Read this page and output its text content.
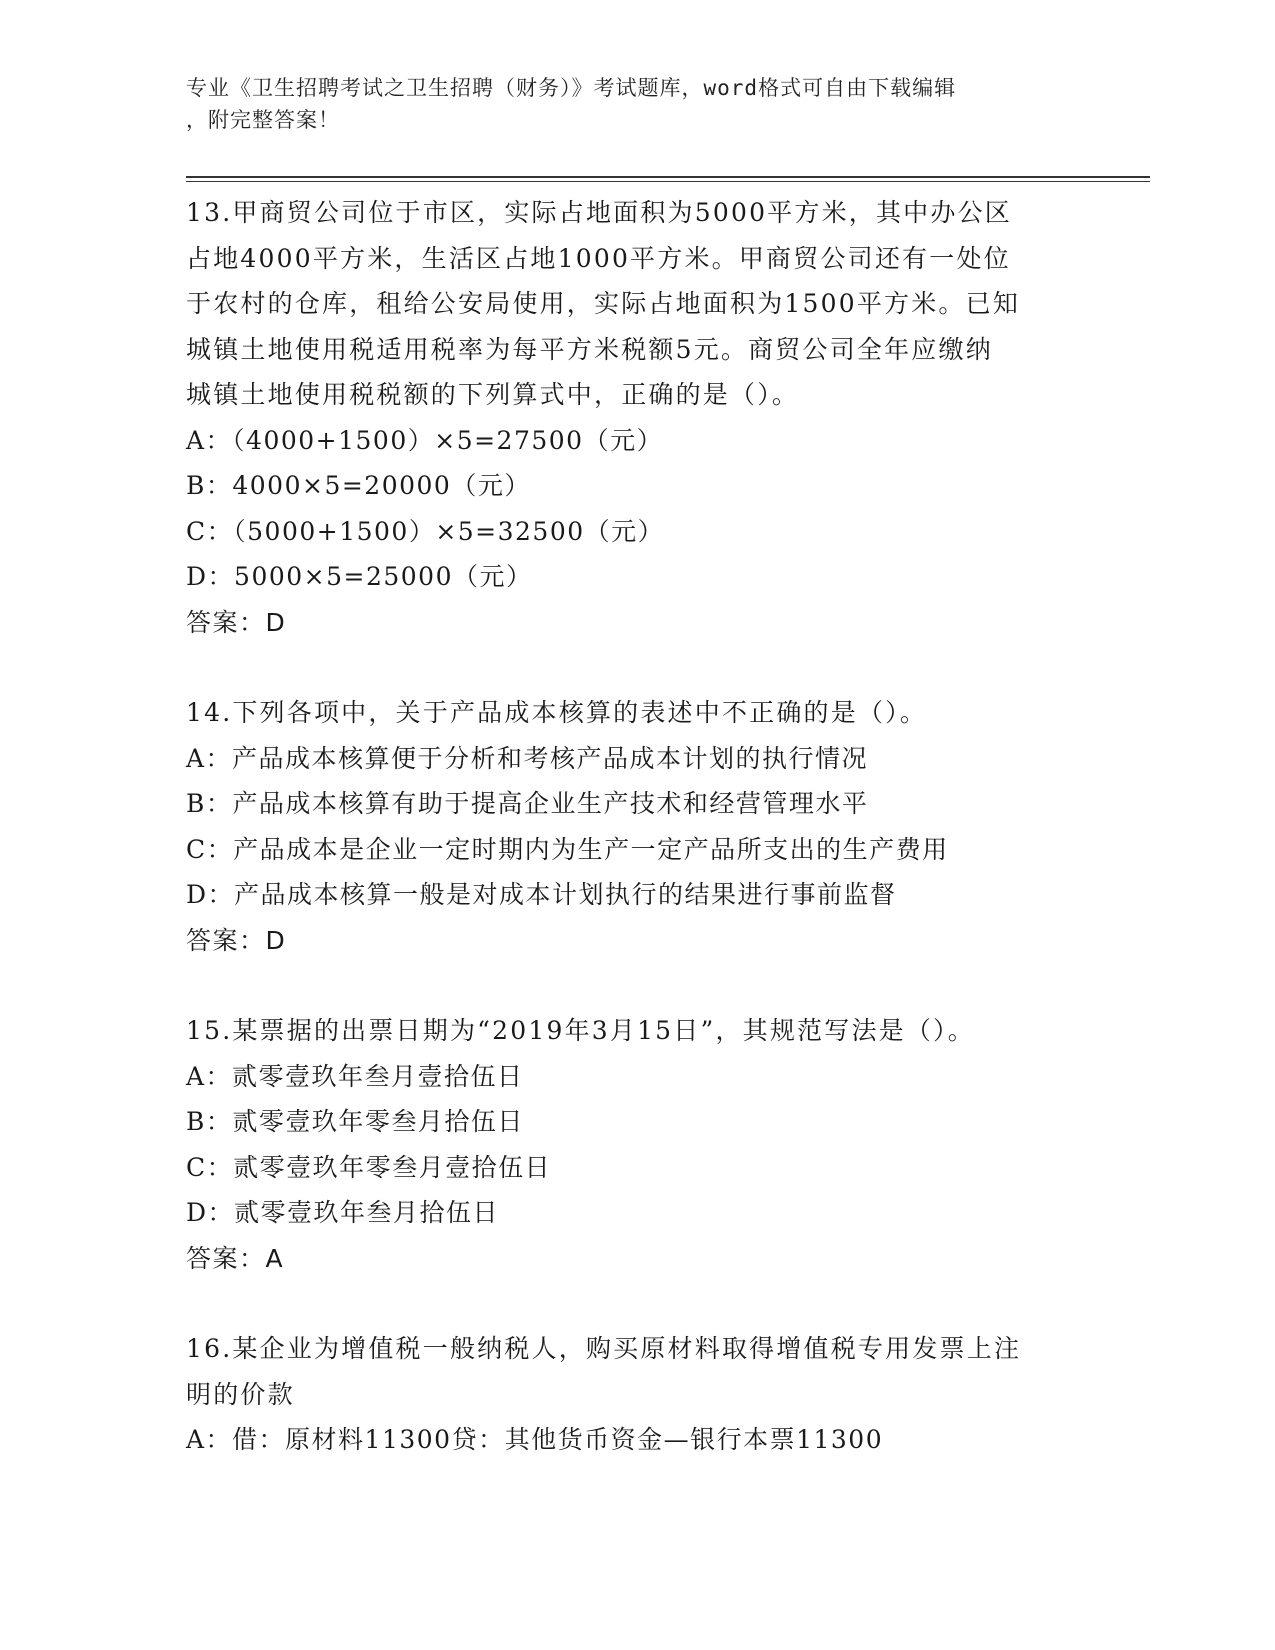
专业《卫生招聘考试之卫生招聘（财务）》考试题库，word格式可自由下载编辑
，附完整答案！
13.甲商贸公司位于市区，实际占地面积为5000平方米，其中办公区
占地4000平方米，生活区占地1000平方米。甲商贸公司还有一处位
于农村的仓库，租给公安局使用，实际占地面积为1500平方米。已知
城镇土地使用税适用税率为每平方米税额5元。商贸公司全年应缴纳
城镇土地使用税税额的下列算式中，正确的是（）。
A：（4000+1500）×5=27500（元）
B：4000×5=20000（元）
C：（5000+1500）×5=32500（元）
D：5000×5=25000（元）
答案：D
14.下列各项中，关于产品成本核算的表述中不正确的是（）。
A：产品成本核算便于分析和考核产品成本计划的执行情况
B：产品成本核算有助于提高企业生产技术和经营管理水平
C：产品成本是企业一定时期内为生产一定产品所支出的生产费用
D：产品成本核算一般是对成本计划执行的结果进行事前监督
答案：D
15.某票据的出票日期为“2019年3月15日”，其规范写法是（）。
A：贰零壹玖年叁月壹拾伍日
B：贰零壹玖年零叁月拾伍日
C：贰零壹玖年零叁月壹拾伍日
D：贰零壹玖年叁月拾伍日
答案：A
16.某企业为增值税一般纳税人，购买原材料取得增值税专用发票上注
明的价款
A：借：原材料11300贷：其他货币资金—银行本票11300
